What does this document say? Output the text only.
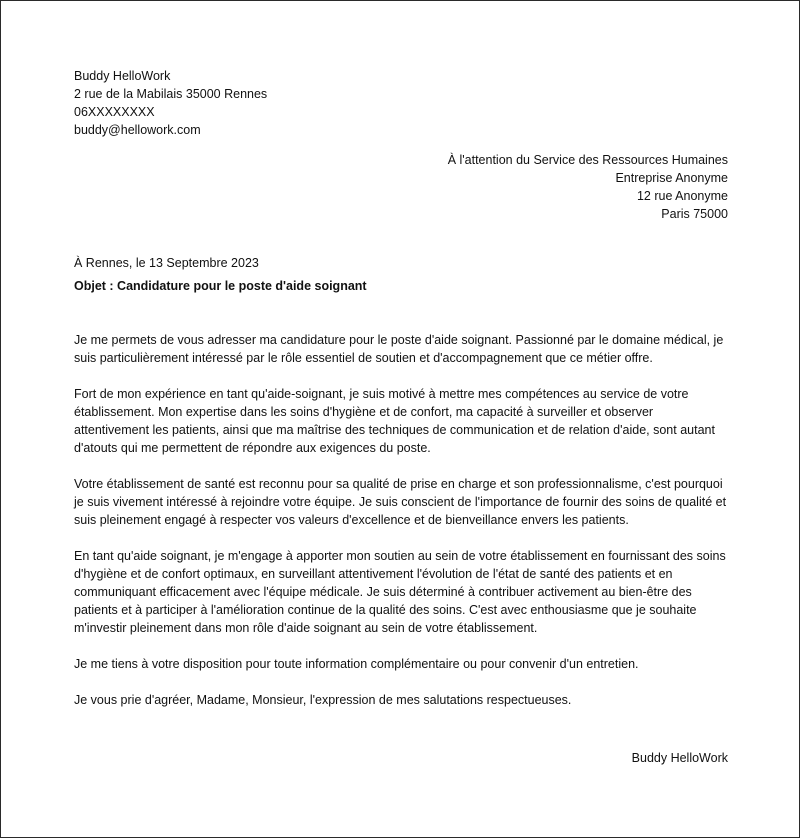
Buddy HelloWork
2 rue de la Mabilais 35000 Rennes
06XXXXXXXX
buddy@hellowork.com
À l'attention du Service des Ressources Humaines
Entreprise Anonyme
12 rue Anonyme
Paris 75000
À Rennes, le 13 Septembre 2023
Objet : Candidature pour le poste d'aide soignant

Je me permets de vous adresser ma candidature pour le poste d'aide soignant. Passionné par le domaine médical, je suis particulièrement intéressé par le rôle essentiel de soutien et d'accompagnement que ce métier offre.

Fort de mon expérience en tant qu'aide-soignant, je suis motivé à mettre mes compétences au service de votre établissement. Mon expertise dans les soins d'hygiène et de confort, ma capacité à surveiller et observer attentivement les patients, ainsi que ma maîtrise des techniques de communication et de relation d'aide, sont autant d'atouts qui me permettent de répondre aux exigences du poste.

Votre établissement de santé est reconnu pour sa qualité de prise en charge et son professionnalisme, c'est pourquoi je suis vivement intéressé à rejoindre votre équipe. Je suis conscient de l'importance de fournir des soins de qualité et suis pleinement engagé à respecter vos valeurs d'excellence et de bienveillance envers les patients.

En tant qu'aide soignant, je m'engage à apporter mon soutien au sein de votre établissement en fournissant des soins d'hygiène et de confort optimaux, en surveillant attentivement l'évolution de l'état de santé des patients et en communiquant efficacement avec l'équipe médicale. Je suis déterminé à contribuer activement au bien-être des patients et à participer à l'amélioration continue de la qualité des soins. C'est avec enthousiasme que je souhaite m'investir pleinement dans mon rôle d'aide soignant au sein de votre établissement.

Je me tiens à votre disposition pour toute information complémentaire ou pour convenir d'un entretien.

Je vous prie d'agréer, Madame, Monsieur, l'expression de mes salutations respectueuses.

Buddy HelloWork
